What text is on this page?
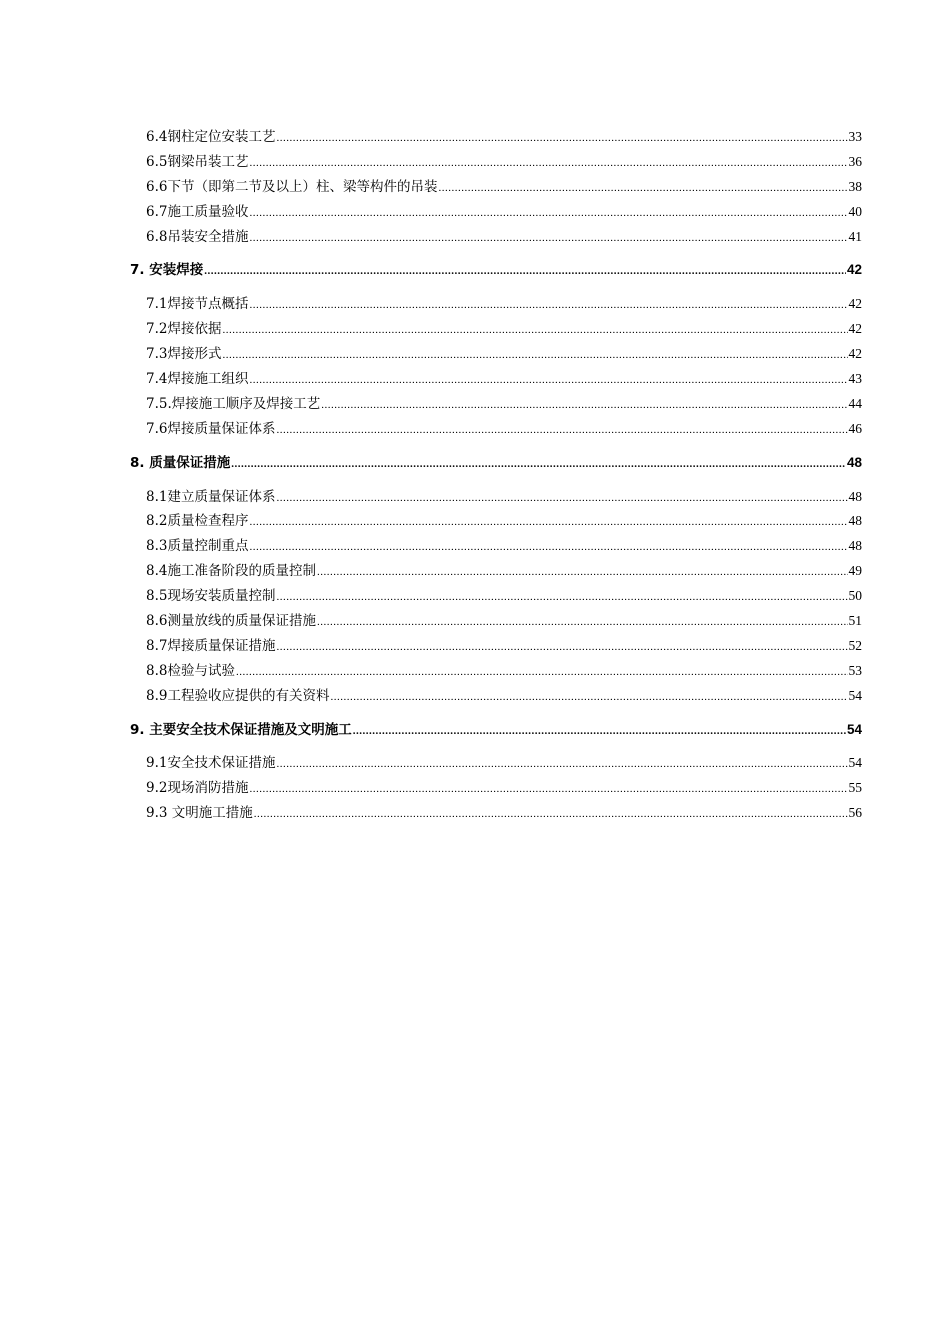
6.4钢柱定位安装工艺 .....	33
6.5钢梁吊装工艺 .....	36
6.6下节（即第二节及以上）柱、梁等构件的吊装 .....	38
6.7施工质量验收 .....	40
6.8吊装安全措施 .....	41
7. 安装焊接 .....	42
7.1焊接节点概括 .....	42
7.2焊接依据 .....	42
7.3焊接形式 .....	42
7.4焊接施工组织 .....	43
7.5.焊接施工顺序及焊接工艺 .....	44
7.6焊接质量保证体系 .....	46
8. 质量保证措施 .....	48
8.1建立质量保证体系 .....	48
8.2质量检查程序 .....	48
8.3质量控制重点 .....	48
8.4施工准备阶段的质量控制 .....	49
8.5现场安装质量控制 .....	50
8.6测量放线的质量保证措施 .....	51
8.7焊接质量保证措施 .....	52
8.8检验与试验 .....	53
8.9工程验收应提供的有关资料 .....	54
9. 主要安全技术保证措施及文明施工 .....	54
9.1安全技术保证措施 .....	54
9.2现场消防措施 .....	55
9.3 文明施工措施 .....	56
